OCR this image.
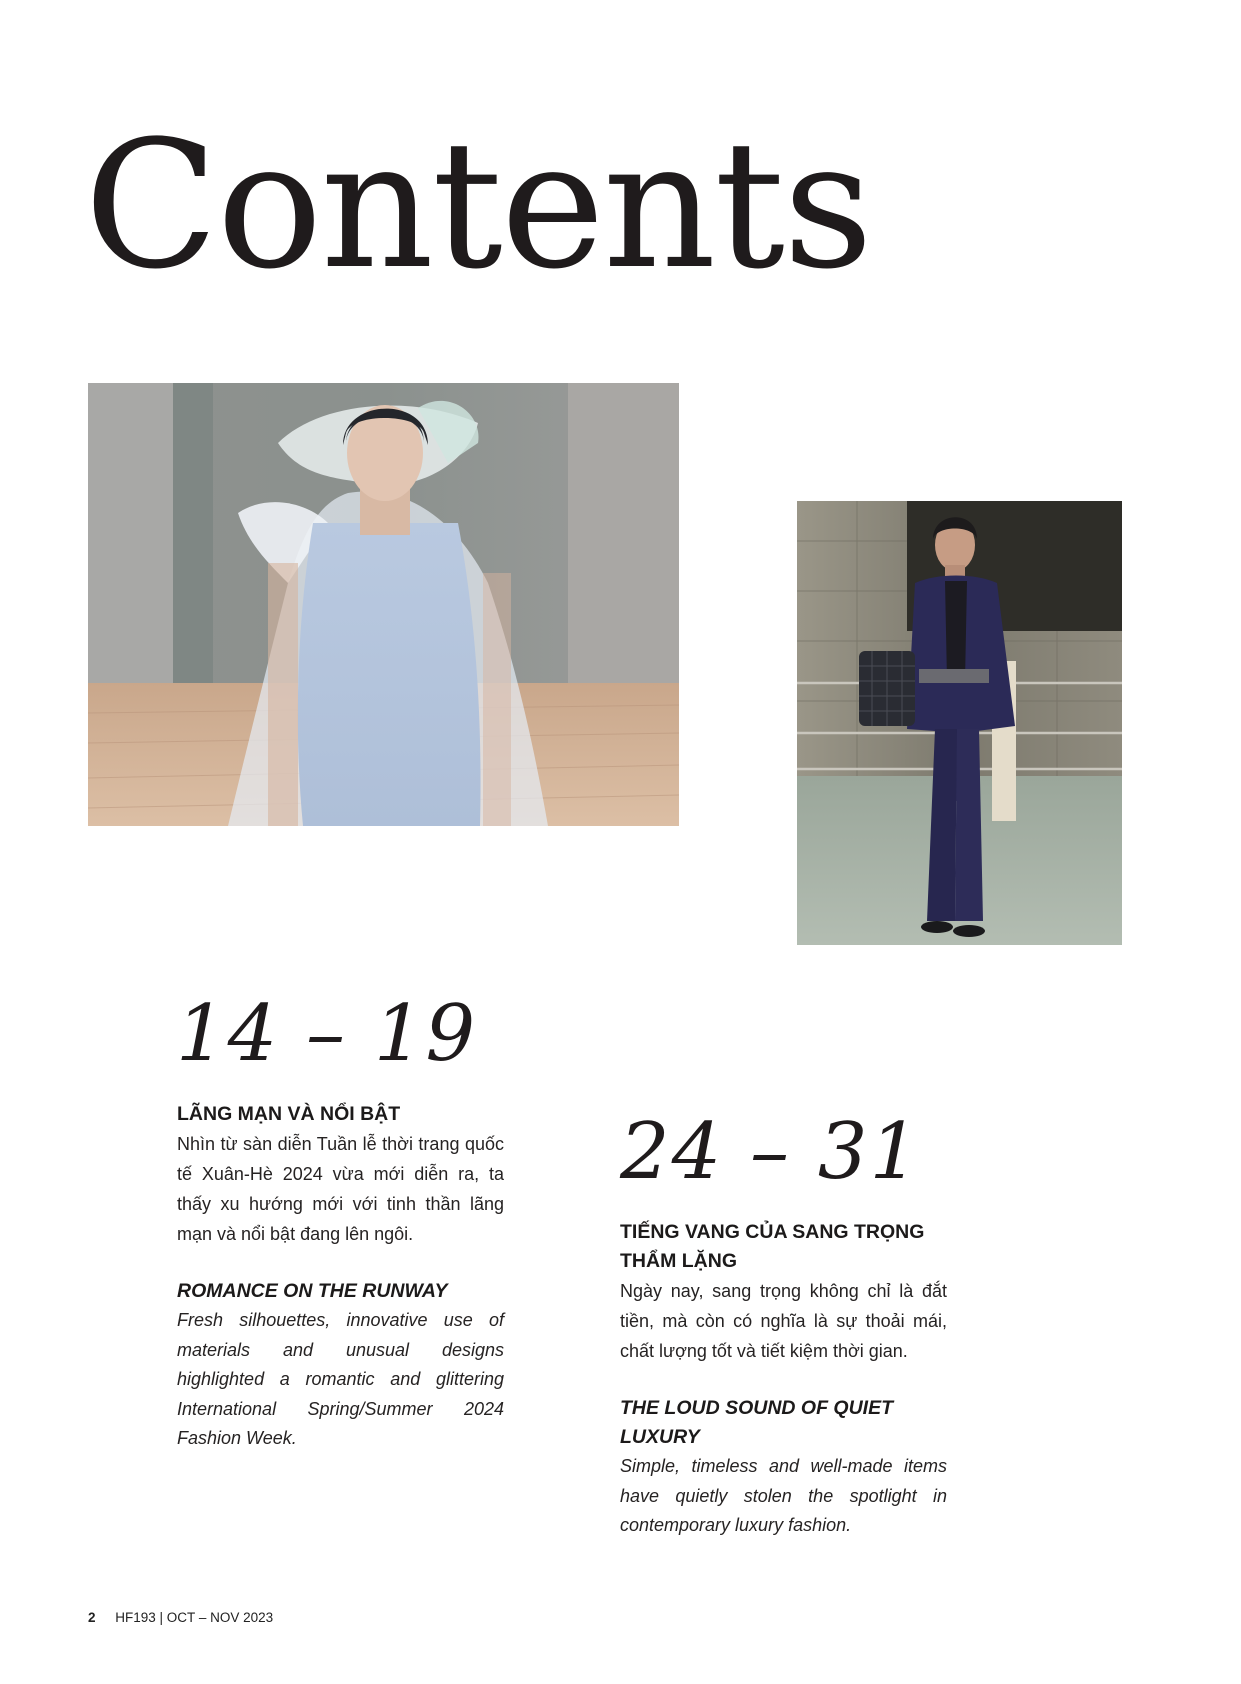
Contents
14 – 19
LÃNG MẠN VÀ NỔI BẬT

Nhìn từ sàn diễn Tuần lễ thời trang quốc tế Xuân-Hè 2024 vừa mới diễn ra, ta thấy xu hướng mới với tinh thần lãng mạn và nổi bật đang lên ngôi.

ROMANCE ON THE RUNWAY

Fresh silhouettes, innovative use of materials and unusual designs highlighted a romantic and glittering International Spring/Summer 2024 Fashion Week.

24 – 31
TIẾNG VANG CỦA SANG TRỌNG THẨM LẶNG

Ngày nay, sang trọng không chỉ là đắt tiền, mà còn có nghĩa là sự thoải mái, chất lượng tốt và tiết kiệm thời gian.

THE LOUD SOUND OF QUIET LUXURY

Simple, timeless and well-made items have quietly stolen the spotlight in contemporary luxury fashion.

2 HF193 | OCT – NOV 2023
